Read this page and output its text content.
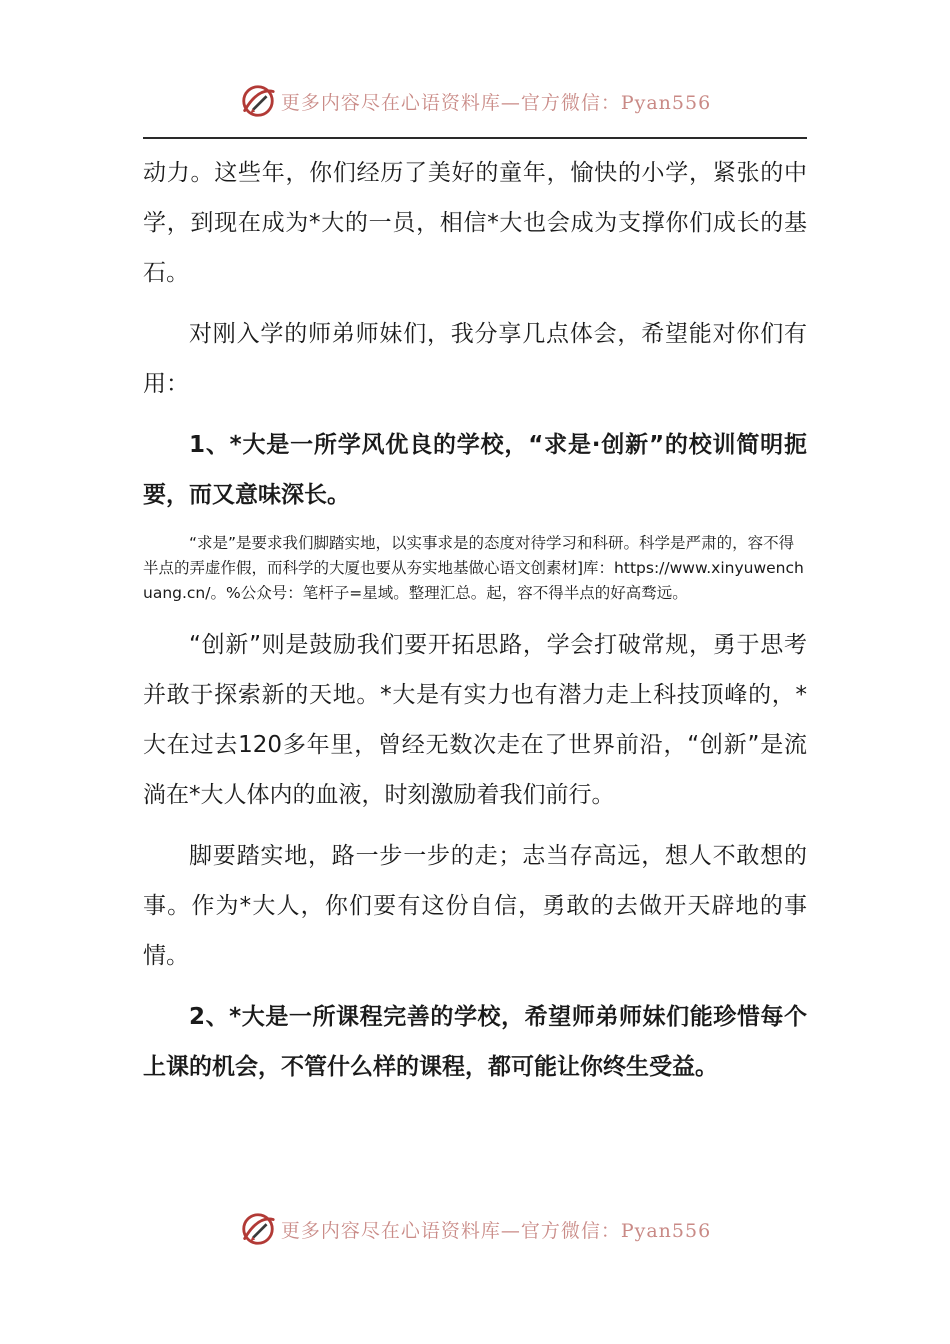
更多内容尽在心语资料库—官方微信：Pyan556

动力。这些年，你们经历了美好的童年，愉快的小学，紧张的中学，到现在成为*大的一员，相信*大也会成为支撑你们成长的基石。

对刚入学的师弟师妹们，我分享几点体会，希望能对你们有用：

1、*大是一所学风优良的学校，“求是·创新”的校训简明扼要，而又意味深长。

“求是”是要求我们脚踏实地，以实事求是的态度对待学习和科研。科学是严肃的，容不得半点的弄虚作假，而科学的大厦也要从夯实地基做心语文创素材]库：https://www.xinyuwenchuang.cn/。%公众号：笔杆子=星域。整理汇总。起，容不得半点的好高骛远。

“创新”则是鼓励我们要开拓思路，学会打破常规，勇于思考并敢于探索新的天地。*大是有实力也有潜力走上科技顶峰的，*大在过去120多年里，曾经无数次走在了世界前沿，“创新”是流淌在*大人体内的血液，时刻激励着我们前行。

脚要踏实地，路一步一步的走；志当存高远，想人不敢想的事。作为*大人，你们要有这份自信，勇敢的去做开天辟地的事情。

2、*大是一所课程完善的学校，希望师弟师妹们能珍惜每个上课的机会，不管什么样的课程，都可能让你终生受益。

更多内容尽在心语资料库—官方微信：Pyan556
